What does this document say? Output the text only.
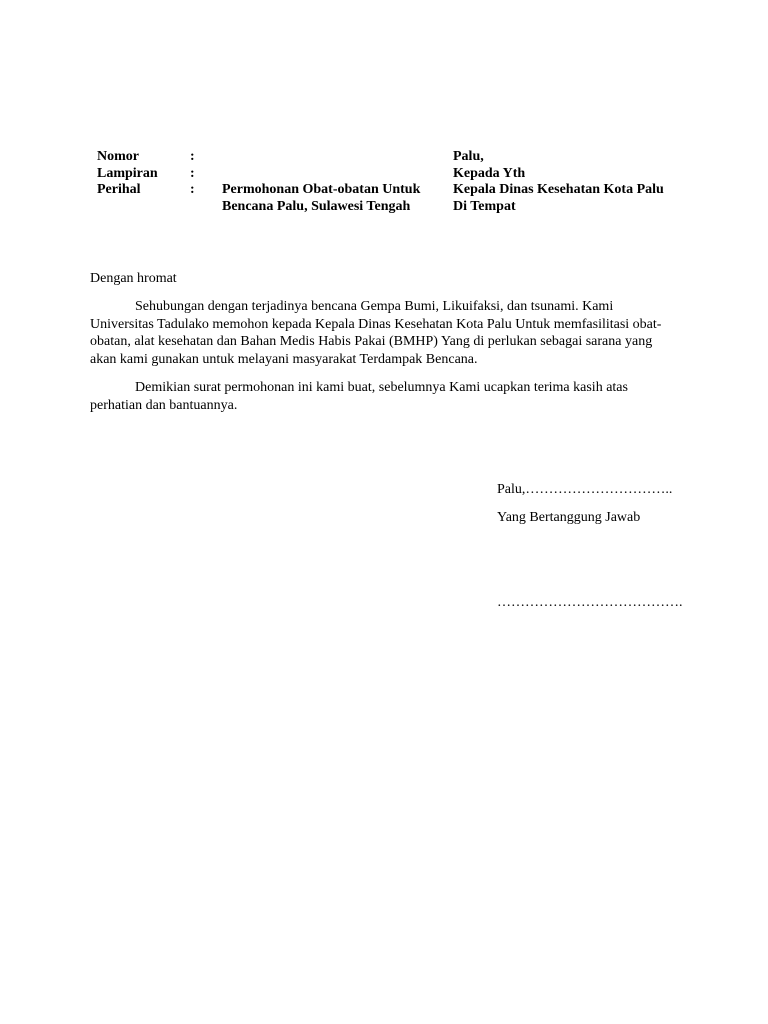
Nomor	:
Lampiran :
Perihal	: Permohonan Obat-obatan Untuk
Bencana Palu, Sulawesi Tengah
Palu,
Kepada Yth
Kepala Dinas Kesehatan Kota Palu
Di Tempat
Dengan hromat
Sehubungan dengan terjadinya bencana Gempa Bumi, Likuifaksi, dan tsunami. Kami Universitas Tadulako memohon kepada Kepala Dinas Kesehatan Kota Palu Untuk memfasilitasi obat-obatan, alat kesehatan dan Bahan Medis Habis Pakai (BMHP) Yang di perlukan sebagai sarana yang akan kami gunakan untuk melayani masyarakat Terdampak Bencana.
Demikian surat permohonan ini kami buat, sebelumnya Kami ucapkan terima kasih atas perhatian dan bantuannya.
Palu,…………………………..
Yang Bertanggung Jawab
………………………………….
